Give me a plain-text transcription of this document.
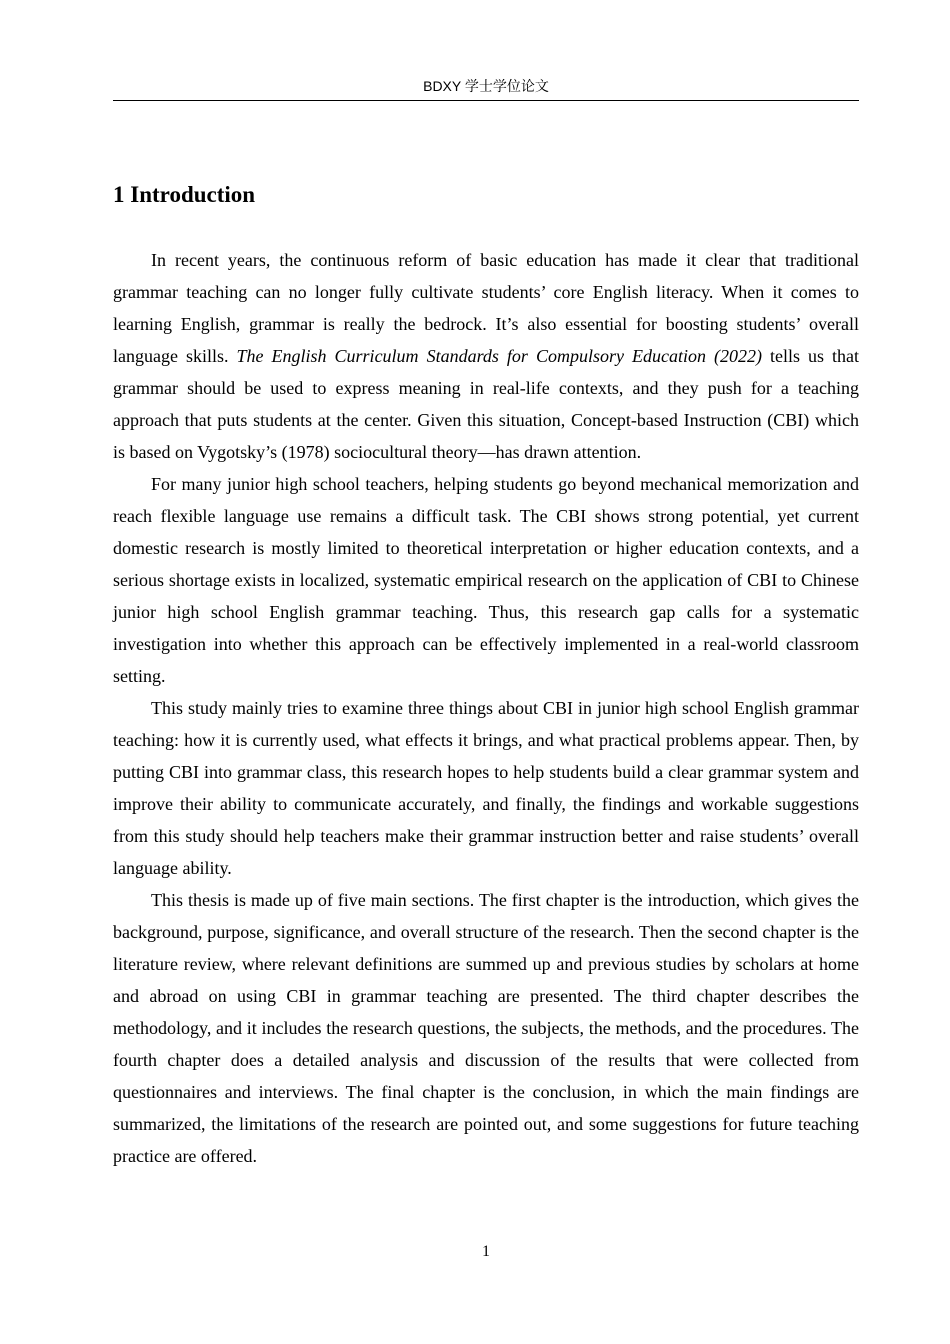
BDXY 学士学位论文
1 Introduction

In recent years, the continuous reform of basic education has made it clear that traditional grammar teaching can no longer fully cultivate students’ core English literacy. When it comes to learning English, grammar is really the bedrock. It’s also essential for boosting students’ overall language skills. The English Curriculum Standards for Compulsory Education (2022) tells us that grammar should be used to express meaning in real-life contexts, and they push for a teaching approach that puts students at the center. Given this situation, Concept-based Instruction (CBI) which is based on Vygotsky’s (1978) sociocultural theory—has drawn attention.

For many junior high school teachers, helping students go beyond mechanical memorization and reach flexible language use remains a difficult task. The CBI shows strong potential, yet current domestic research is mostly limited to theoretical interpretation or higher education contexts, and a serious shortage exists in localized, systematic empirical research on the application of CBI to Chinese junior high school English grammar teaching. Thus, this research gap calls for a systematic investigation into whether this approach can be effectively implemented in a real-world classroom setting.

This study mainly tries to examine three things about CBI in junior high school English grammar teaching: how it is currently used, what effects it brings, and what practical problems appear. Then, by putting CBI into grammar class, this research hopes to help students build a clear grammar system and improve their ability to communicate accurately, and finally, the findings and workable suggestions from this study should help teachers make their grammar instruction better and raise students’ overall language ability.

This thesis is made up of five main sections. The first chapter is the introduction, which gives the background, purpose, significance, and overall structure of the research. Then the second chapter is the literature review, where relevant definitions are summed up and previous studies by scholars at home and abroad on using CBI in grammar teaching are presented. The third chapter describes the methodology, and it includes the research questions, the subjects, the methods, and the procedures. The fourth chapter does a detailed analysis and discussion of the results that were collected from questionnaires and interviews. The final chapter is the conclusion, in which the main findings are summarized, the limitations of the research are pointed out, and some suggestions for future teaching practice are offered.

1
